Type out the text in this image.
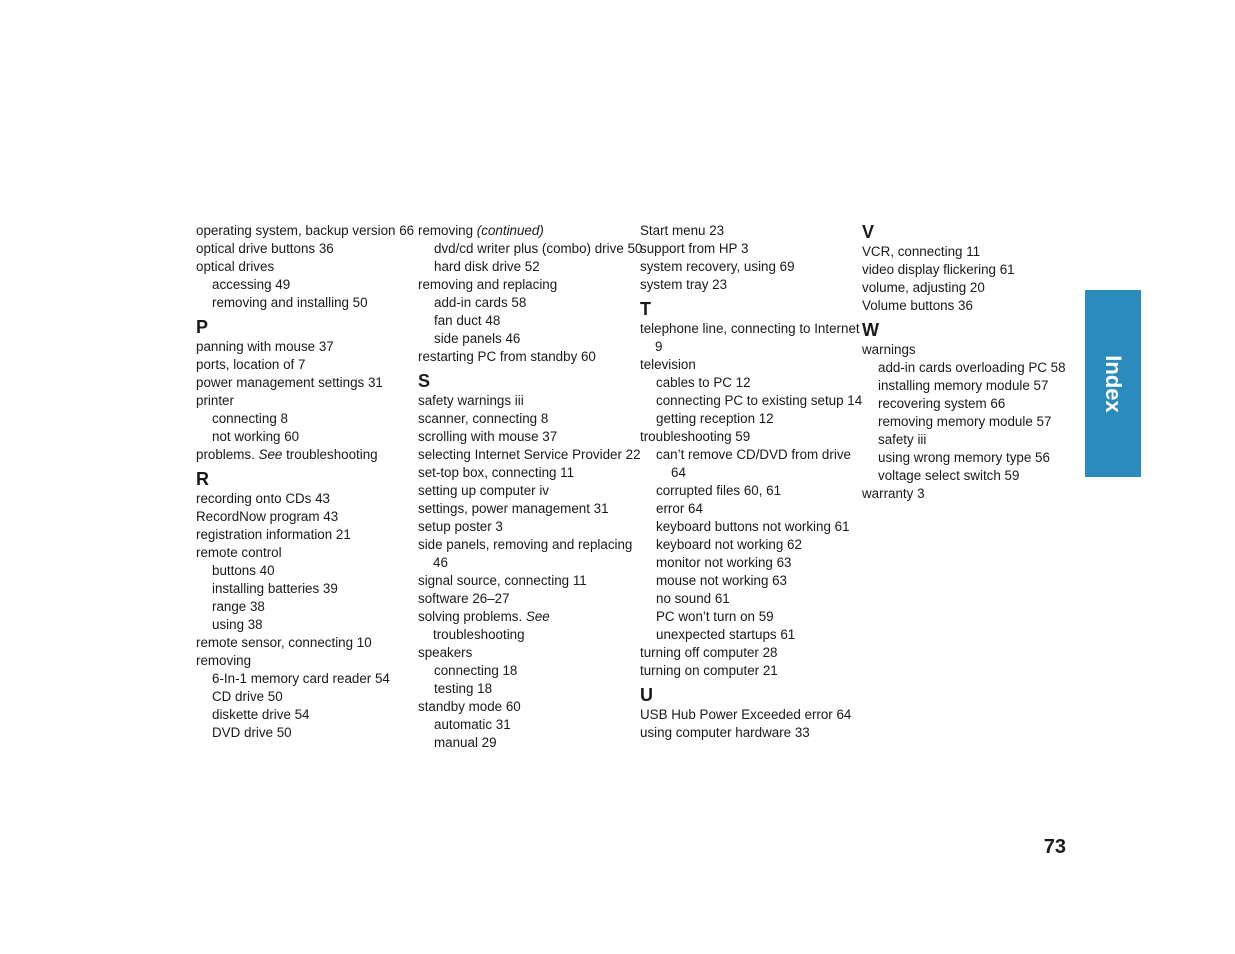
operating system, backup version 66
optical drive buttons 36
optical drives
accessing 49
removing and installing 50
P
panning with mouse 37
ports, location of 7
power management settings 31
printer
connecting 8
not working 60
problems. See troubleshooting
R
recording onto CDs 43
RecordNow program 43
registration information 21
remote control
buttons 40
installing batteries 39
range 38
using 38
remote sensor, connecting 10
removing
6-In-1 memory card reader 54
CD drive 50
diskette drive 54
DVD drive 50
removing (continued)
dvd/cd writer plus (combo) drive 50
hard disk drive 52
removing and replacing
add-in cards 58
fan duct 48
side panels 46
restarting PC from standby 60
S
safety warnings iii
scanner, connecting 8
scrolling with mouse 37
selecting Internet Service Provider 22
set-top box, connecting 11
setting up computer iv
settings, power management 31
setup poster 3
side panels, removing and replacing 46
signal source, connecting 11
software 26–27
solving problems. See troubleshooting
speakers
connecting 18
testing 18
standby mode 60
automatic 31
manual 29
Start menu 23
support from HP 3
system recovery, using 69
system tray 23
T
telephone line, connecting to Internet 9
television
cables to PC 12
connecting PC to existing setup 14
getting reception 12
troubleshooting 59
can’t remove CD/DVD from drive 64
corrupted files 60, 61
error 64
keyboard buttons not working 61
keyboard not working 62
monitor not working 63
mouse not working 63
no sound 61
PC won’t turn on 59
unexpected startups 61
turning off computer 28
turning on computer 21
U
USB Hub Power Exceeded error 64
using computer hardware 33
V
VCR, connecting 11
video display flickering 61
volume, adjusting 20
Volume buttons 36
W
warnings
add-in cards overloading PC 58
installing memory module 57
recovering system 66
removing memory module 57
safety iii
using wrong memory type 56
voltage select switch 59
warranty 3
Index
73
